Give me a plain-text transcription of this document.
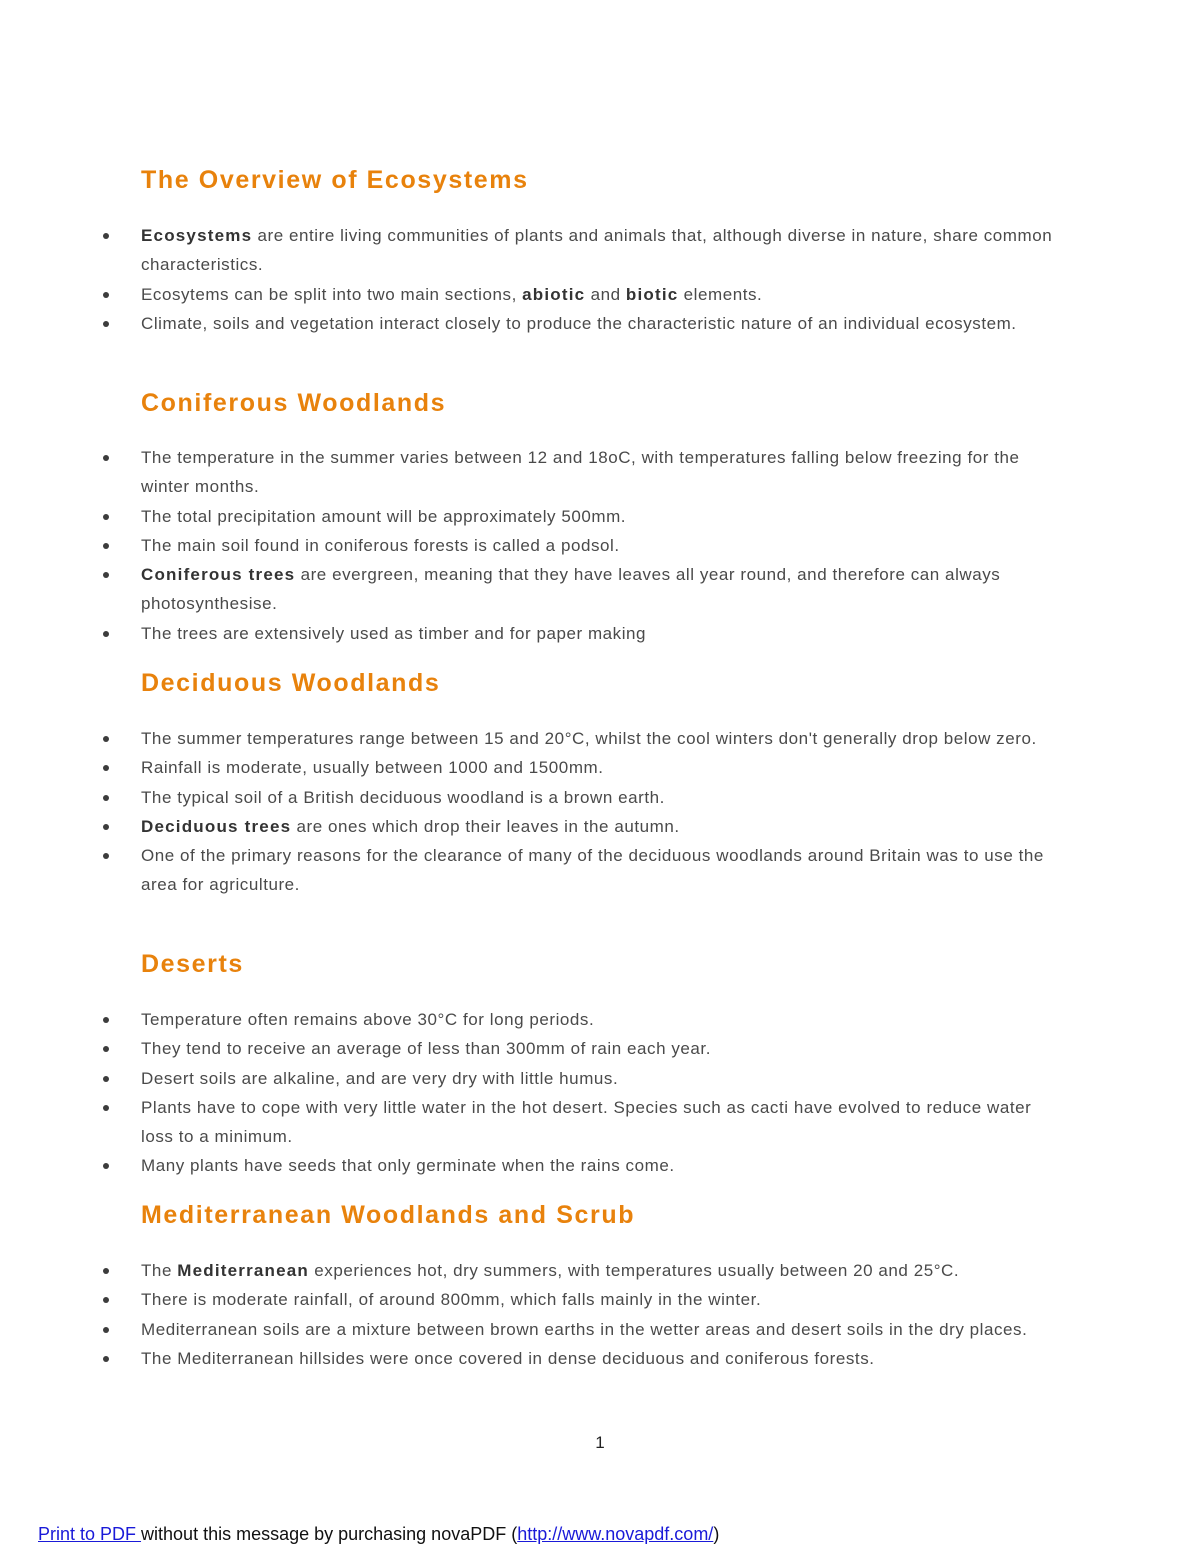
The Overview of Ecosystems
Ecosystems are entire living communities of plants and animals that, although diverse in nature, share common characteristics.
Ecosytems can be split into two main sections, abiotic and biotic elements.
Climate, soils and vegetation interact closely to produce the characteristic nature of an individual ecosystem.
Coniferous Woodlands
The temperature in the summer varies between 12 and 18oC, with temperatures falling below freezing for the winter months.
The total precipitation amount will be approximately 500mm.
The main soil found in coniferous forests is called a podsol.
Coniferous trees are evergreen, meaning that they have leaves all year round, and therefore can always photosynthesise.
The trees are extensively used as timber and for paper making
Deciduous Woodlands
The summer temperatures range between 15 and 20°C, whilst the cool winters don't generally drop below zero.
Rainfall is moderate, usually between 1000 and 1500mm.
The typical soil of a British deciduous woodland is a brown earth.
Deciduous trees are ones which drop their leaves in the autumn.
One of the primary reasons for the clearance of many of the deciduous woodlands around Britain was to use the area for agriculture.
Deserts
Temperature often remains above 30°C for long periods.
They tend to receive an average of less than 300mm of rain each year.
Desert soils are alkaline, and are very dry with little humus.
Plants have to cope with very little water in the hot desert. Species such as cacti have evolved to reduce water loss to a minimum.
Many plants have seeds that only germinate when the rains come.
Mediterranean Woodlands and Scrub
The Mediterranean experiences hot, dry summers, with temperatures usually between 20 and 25°C.
There is moderate rainfall, of around 800mm, which falls mainly in the winter.
Mediterranean soils are a mixture between brown earths in the wetter areas and desert soils in the dry places.
The Mediterranean hillsides were once covered in dense deciduous and coniferous forests.
1
Print to PDF without this message by purchasing novaPDF (http://www.novapdf.com/)
